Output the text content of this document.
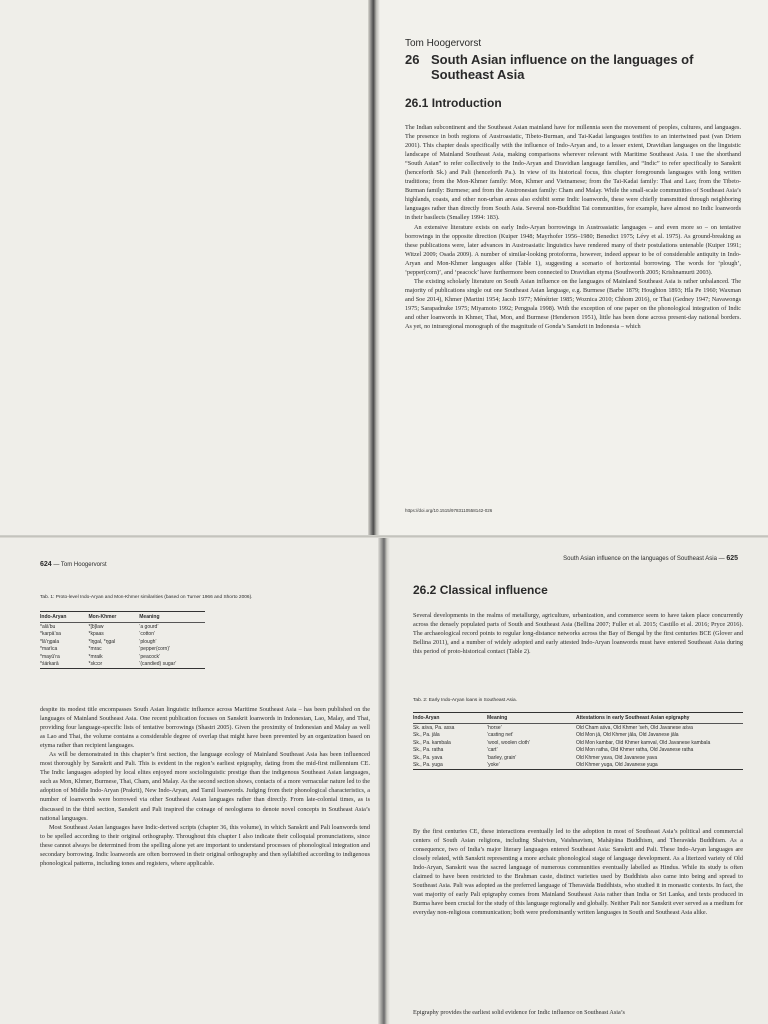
Tom Hoogervorst
26 South Asian influence on the languages of Southeast Asia
26.1 Introduction

The Indian subcontinent and the Southeast Asian mainland have for millennia seen the movement of peoples, cultures, and languages. The presence in both regions of Austroasiatic, Tibeto-Burman, and Tai-Kadai languages testifies to an intertwined past (van Driem 2001). This chapter deals specifically with the influence of Indo-Aryan and, to a lesser extent, Dravidian languages on the linguistic landscape of Mainland Southeast Asia, making comparisons wherever relevant with Maritime Southeast Asia. I use the shorthand “South Asian” to refer collectively to the Indo-Aryan and Dravidian language families, and “Indic” to refer specifically to Sanskrit (henceforth Sk.) and Pali (henceforth Pa.). In view of its historical focus, this chapter foregrounds languages with long written traditions; from the Mon-Khmer family: Mon, Khmer and Vietnamese; from the Tai-Kadai family: Thai and Lao; from the Tibeto-Burman family: Burmese; and from the Austronesian family: Cham and Malay. While the small-scale communities of Southeast Asia’s highlands, coasts, and other non-urban areas also exhibit some Indic loanwords, these were chiefly transmitted through neighboring languages rather than directly from South Asia. Several non-Buddhist Tai communities, for example, have almost no Indic loanwords in their basilects (Smalley 1994: 183).

An extensive literature exists on early Indo-Aryan borrowings in Austroasiatic languages – and even more so – on tentative borrowings in the opposite direction (Kuiper 1948; Mayrhofer 1956–1980; Benedict 1975; Lévy et al. 1975). As ground-breaking as these publications were, later advances in Austroasiatic linguistics have rendered many of their postulations untenable (Kuiper 1991; Witzel 2009; Osada 2009). A number of similar-looking protoforms, however, indeed appear to be of considerable antiquity in Indo-Aryan and Mon-Khmer languages alike (Table 1), suggesting a scenario of horizontal borrowing. The words for ‘plough’, ‘pepper(corn)’, and ‘peacock’ have furthermore been connected to Dravidian etyma (Southworth 2005; Krishnamurti 2003).

The existing scholarly literature on South Asian influence on the languages of Mainland Southeast Asia is rather unbalanced. The majority of publications single out one Southeast Asian language, e.g. Burmese (Barbe 1879; Houghton 1893; Hla Pe 1960; Waxman and Soe 2014), Khmer (Martini 1954; Jacob 1977; Ménétrier 1985; Woznica 2010; Chhom 2016), or Thai (Gedney 1947; Navawongs 1975; Sarapadnuke 1975; Miyamoto 1992; Pengpala 1998). With the exception of one paper on the phonological integration of Indic and other loanwords in Khmer, Thai, Mon, and Burmese (Henderson 1951), little has been done across present-day national borders. As yet, no intraregional monograph of the magnitude of Gonda’s Sanskrit in Indonesia – which

https://doi.org/10.1515/9783110558142-026
624 — Tom Hoogervorst
Tab. 1: Proto-level Indo-Aryan and Mon-Khmer similarities (based on Turner 1966 and Shorto 2006).
Indo-Aryan	Mon-Khmer	Meaning
*alāʼbu	*[ɓ]law	‘a gourd’
*karpāʼsa	*kpaas	‘cotton’
*lāʼŋgala	*lŋgal, *ŋgal	‘plough’
*marīca	*mrac	‘pepper(corn)’
*mayūʼra	*mraik	‘peacock’
*śárkarā	*skɔɔr	‘(candied) sugar’

despite its modest title encompasses South Asian linguistic influence across Maritime Southeast Asia – has been published on the languages of Mainland Southeast Asia. One recent publication focuses on Sanskrit loanwords in Indonesian, Lao, Malay, and Thai, providing four language-specific lists of tentative borrowings (Shastri 2005). Given the proximity of Indonesian and Malay as well as Lao and Thai, the volume contains a considerable degree of overlap that might have been prevented by an organization based on etyma rather than recipient languages.

As will be demonstrated in this chapter’s first section, the language ecology of Mainland Southeast Asia has been influenced most thoroughly by Sanskrit and Pali. This is evident in the region’s earliest epigraphy, dating from the mid-first millennium CE. The Indic languages adopted by local elites enjoyed more sociolinguistic prestige than the indigenous Southeast Asian languages, such as Mon, Khmer, Burmese, Thai, Cham, and Malay. As the second section shows, contacts of a more vernacular nature led to the adoption of Middle Indo-Aryan (Prakrit), New Indo-Aryan, and Tamil loanwords. Judging from their phonological characteristics, a number of loanwords were borrowed via other Southeast Asian languages rather than directly. From late-colonial times, as is discussed in the third section, Sanskrit and Pali inspired the coinage of neologisms to denote novel concepts in Southeast Asia’s national languages.

Most Southeast Asian languages have Indic-derived scripts (chapter 36, this volume), in which Sanskrit and Pali loanwords tend to be spelled according to their original orthography. Throughout this chapter I also indicate their colloquial pronunciations, since these cannot always be determined from the spelling alone yet are important to understand processes of phonological integration and secondary borrowing. Indic loanwords are often borrowed in their original orthography and then syllabified according to indigenous phonological patterns, including tones and registers, where applicable.

South Asian influence on the languages of Southeast Asia — 625
26.2 Classical influence

Several developments in the realms of metallurgy, agriculture, urbanization, and commerce seem to have taken place concurrently across the densely populated parts of South and Southeast Asia (Bellina 2007; Fuller et al. 2015; Castillo et al. 2016; Pryce 2016). The archaeological record points to regular long-distance networks across the Bay of Bengal by the first centuries BCE (Glover and Bellina 2011), and a number of widely adopted and early attested Indo-Aryan loanwords must have entered Southeast Asia during this period of proto-historical contact (Table 2).

Tab. 2: Early Indo-Aryan loans in Southeast Asia.
Indo-Aryan	Meaning	Attestations in early Southeast Asian epigraphy
Sk. aśva, Pa. assa	‘horse’	Old Cham aśva, Old Khmer ’seh, Old Javanese aśva
Sk., Pa. jāla	‘casting net’	Old Mon jā, Old Khmer jāla, Old Javanese jāla
Sk., Pa. kambala	‘wool, woolen cloth’	Old Mon kambar, Old Khmer kamval, Old Javanese kambala
Sk., Pa. ratha	‘cart’	Old Mon ratha, Old Khmer ratha, Old Javanese ratha
Sk., Pa. yava	‘barley, grain’	Old Khmer yava, Old Javanese yava
Sk., Pa. yuga	‘yoke’	Old Khmer yuga, Old Javanese yuga

By the first centuries CE, these interactions eventually led to the adoption in most of Southeast Asia’s political and commercial centers of South Asian religions, including Shaivism, Vaishnavism, Mahāyāna Buddhism, and Theravāda Buddhism. As a consequence, two of India’s major literary languages entered Southeast Asia: Sanskrit and Pali. These Indo-Aryan languages are closely related, with Sanskrit representing a more archaic phonological stage of language development. As a literized variety of Old Indo-Aryan, Sanskrit was the sacred language of numerous communities eventually labelled as Hindus. While its study is often claimed to have been restricted to the Brahman caste, distinct varieties used by Buddhists also came into being and spread to Southeast Asia. Pali was adopted as the preferred language of Theravāda Buddhists, who studied it in monastic contexts. In fact, the vast majority of early Pali epigraphy comes from Mainland Southeast Asia rather than India or Sri Lanka, and texts produced in Burma have been crucial for the study of this language regionally and globally. Neither Pali nor Sanskrit ever served as a medium for everyday non-religious communication; both were predominantly written languages in South and Southeast Asia alike.

Epigraphy provides the earliest solid evidence for Indic influence on Southeast Asia’s
